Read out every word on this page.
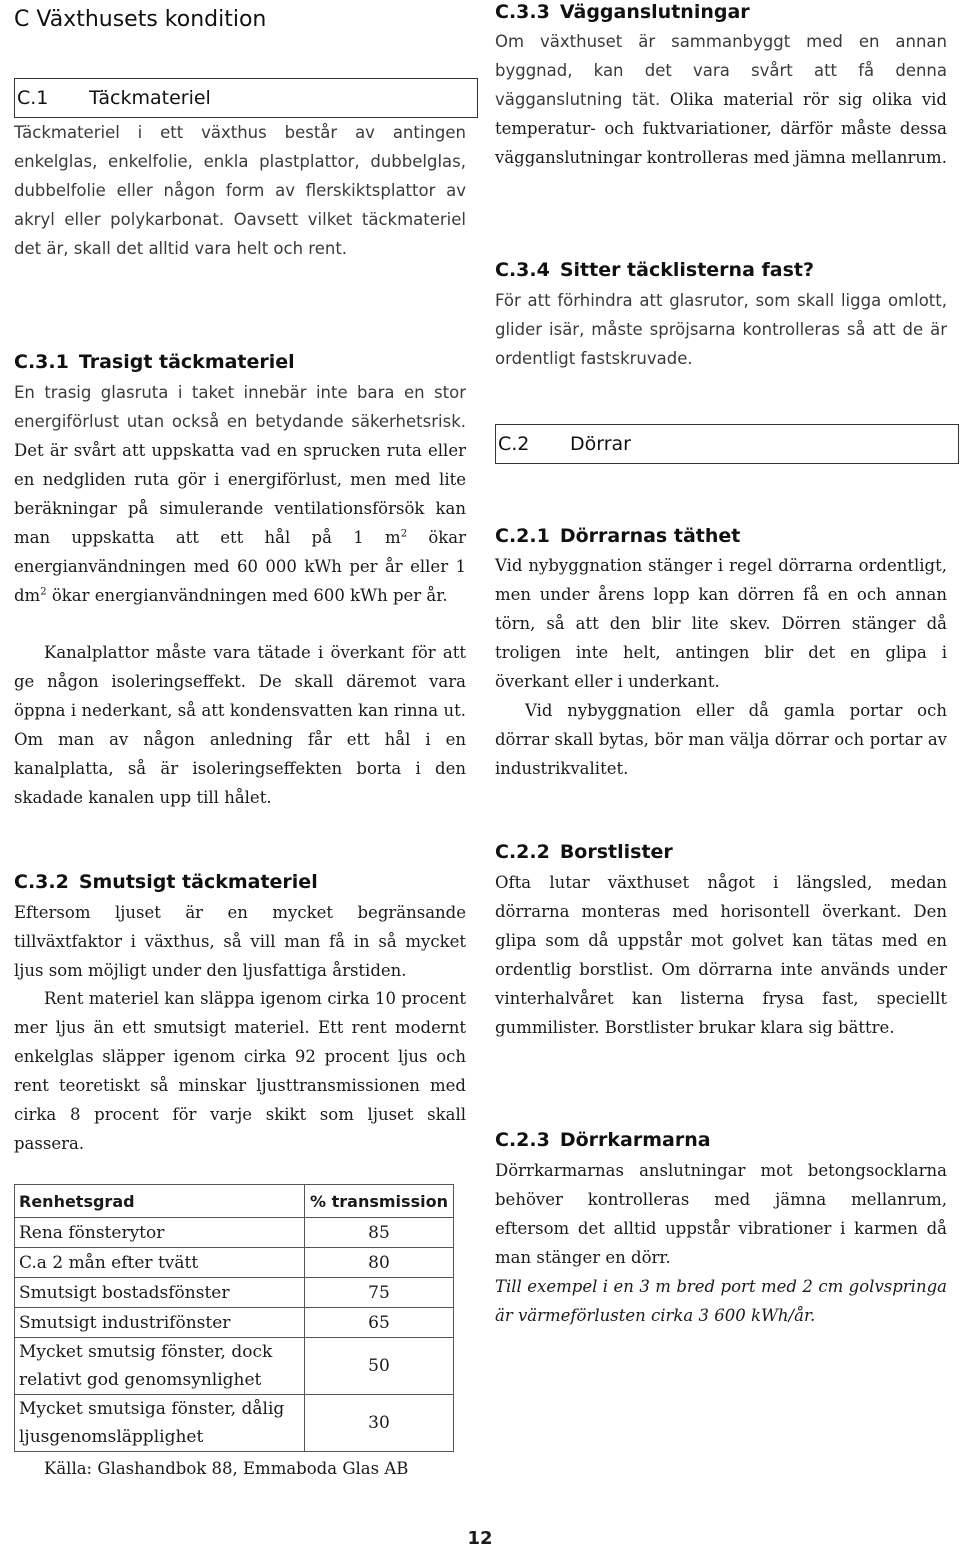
C Växthusets kondition
C.1 Täckmateriel

Täckmateriel i ett växthus består av antingen enkelglas, enkelfolie, enkla plastplattor, dubbelglas, dubbelfolie eller någon form av flerskiktsplattor av akryl eller polykarbonat. Oavsett vilket täckmateriel det är, skall det alltid vara helt och rent.

C.3.1 Trasigt täckmateriel

En trasig glasruta i taket innebär inte bara en stor energiförlust utan också en betydande säkerhetsrisk. Det är svårt att uppskatta vad en sprucken ruta eller en nedgliden ruta gör i energiförlust, men med lite beräkningar på simulerande ventilationsförsök kan man uppskatta att ett hål på 1 $m^2$ ökar energianvändningen med 60 000 kWh per år eller 1 $dm^2$ ökar energianvändningen med 600 kWh per år.

Kanalplattor måste vara tätade i överkant för att ge någon isoleringseffekt. De skall däremot vara öppna i nederkant, så att kondensvatten kan rinna ut. Om man av någon anledning får ett hål i en kanalplatta, så är isoleringseffekten borta i den skadade kanalen upp till hålet.

C.3.2 Smutsigt täckmateriel

Eftersom ljuset är en mycket begränsande tillväxtfaktor i växthus, så vill man få in så mycket ljus som möjligt under den ljusfattiga årstiden.

Rent materiel kan släppa igenom cirka 10 procent mer ljus än ett smutsigt materiel. Ett rent modernt enkelglas släpper igenom cirka 92 procent ljus och rent teoretiskt så minskar ljusttransmissionen med cirka 8 procent för varje skikt som ljuset skall passera.

Renhetsgrad	% transmission
Rena fönsterytor	85
C.a 2 mån efter tvätt	80
Smutsigt bostadsfönster	75
Smutsigt industrifönster	65
Mycket smutsig fönster, dock relativt god genomsynlighet	50
Mycket smutsiga fönster, dålig ljusgenomsläpplighet	30

Källa: Glashandbok 88, Emmaboda Glas AB

C.3.3 Vägganslutningar

Om växthuset är sammanbyggt med en annan byggnad, kan det vara svårt att få denna vägganslutning tät. Olika material rör sig olika vid temperatur- och fuktvariationer, därför måste dessa vägganslutningar kontrolleras med jämna mellanrum.

C.3.4 Sitter täcklisterna fast?

För att förhindra att glasrutor, som skall ligga omlott, glider isär, måste spröjsarna kontrolleras så att de är ordentligt fastskruvade.

C.2 Dörrar
C.2.1 Dörrarnas täthet

Vid nybyggnation stänger i regel dörrarna ordentligt, men under årens lopp kan dörren få en och annan törn, så att den blir lite skev. Dörren stänger då troligen inte helt, antingen blir det en glipa i överkant eller i underkant.

Vid nybyggnation eller då gamla portar och dörrar skall bytas, bör man välja dörrar och portar av industrikvalitet.

C.2.2 Borstlister

Ofta lutar växthuset något i längsled, medan dörrarna monteras med horisontell överkant. Den glipa som då uppstår mot golvet kan tätas med en ordentlig borstlist. Om dörrarna inte används under vinterhalvåret kan listerna frysa fast, speciellt gummilister. Borstlister brukar klara sig bättre.

C.2.3 Dörrkarmarna

Dörrkarmarnas anslutningar mot betongsocklarna behöver kontrolleras med jämna mellanrum, eftersom det alltid uppstår vibrationer i karmen då man stänger en dörr.

Till exempel i en 3 m bred port med 2 cm golvspringa är värmeförlusten cirka 3 600 kWh/år.

12
